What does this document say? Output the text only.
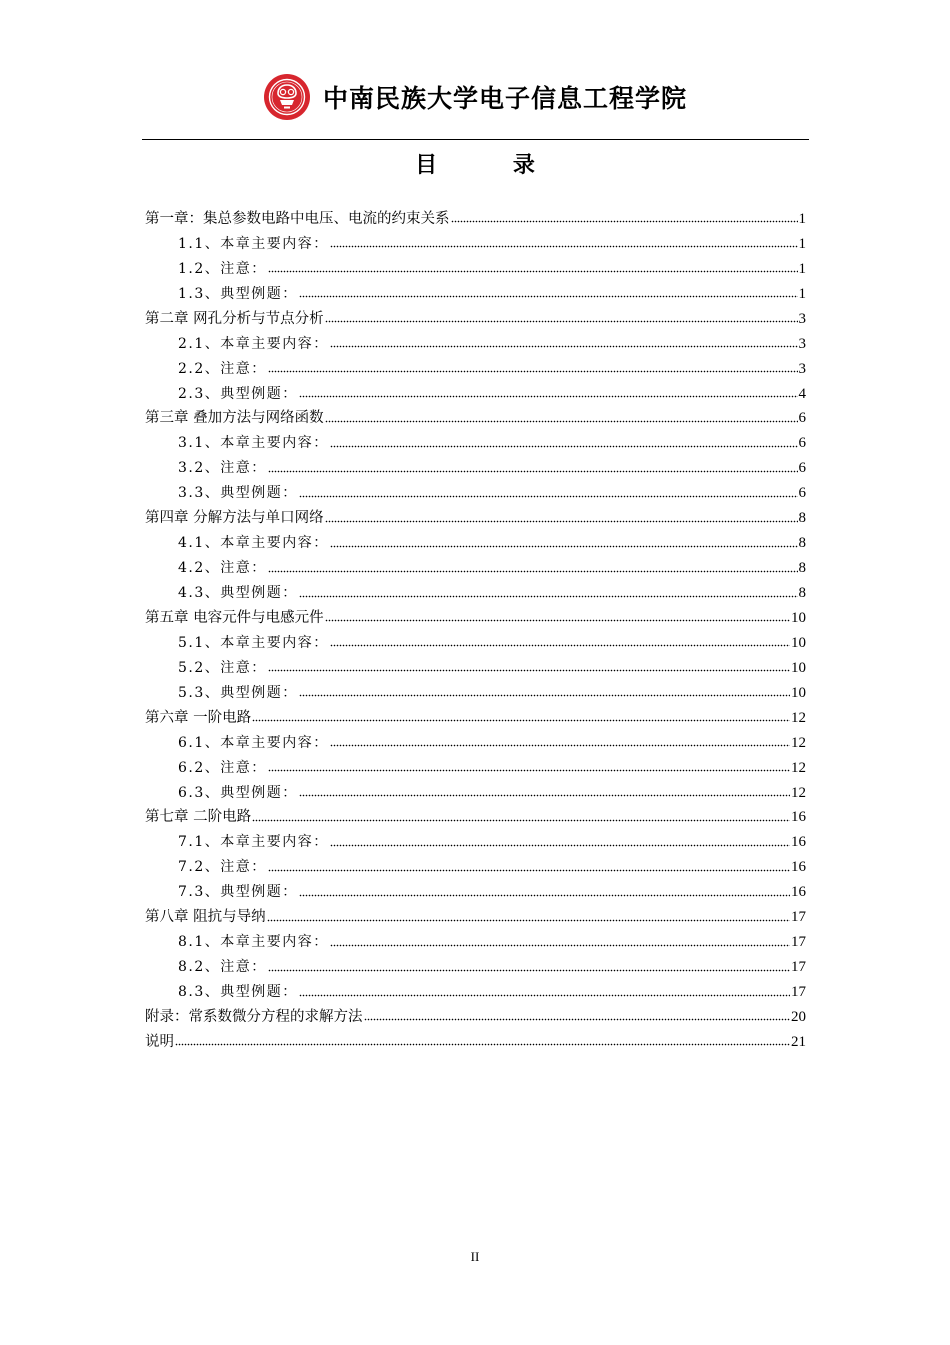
中南民族大学电子信息工程学院
目 录
第一章：集总参数电路中电压、电流的约束关系	1
1.1、本章主要内容：	1
1.2、注意：	1
1.3、典型例题：	1
第二章 网孔分析与节点分析	3
2.1、本章主要内容：	3
2.2、注意：	3
2.3、典型例题：	4
第三章 叠加方法与网络函数	6
3.1、本章主要内容：	6
3.2、注意：	6
3.3、典型例题：	6
第四章 分解方法与单口网络	8
4.1、本章主要内容：	8
4.2、注意：	8
4.3、典型例题：	8
第五章 电容元件与电感元件	10
5.1、本章主要内容：	10
5.2、注意：	10
5.3、典型例题：	10
第六章 一阶电路	12
6.1、本章主要内容：	12
6.2、注意：	12
6.3、典型例题：	12
第七章 二阶电路	16
7.1、本章主要内容：	16
7.2、注意：	16
7.3、典型例题：	16
第八章 阻抗与导纳	17
8.1、本章主要内容：	17
8.2、注意：	17
8.3、典型例题：	17
附录：常系数微分方程的求解方法	20
说明	21
II
